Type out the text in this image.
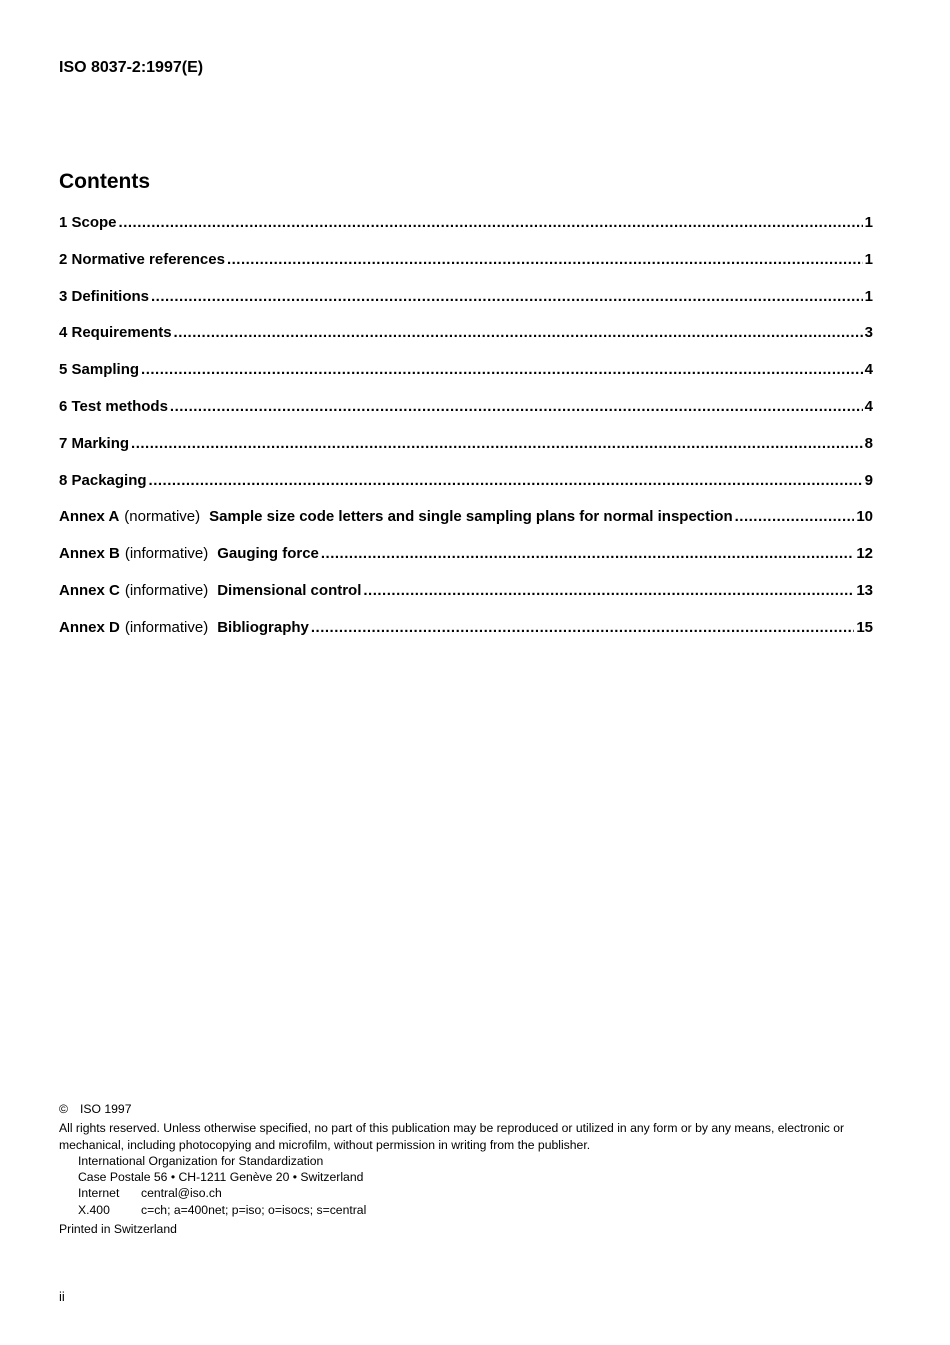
ISO 8037-2:1997(E)
Contents
1 Scope .....	1
2 Normative references .....	1
3 Definitions .....	1
4 Requirements .....	3
5 Sampling .....	4
6 Test methods .....	4
7 Marking .....	8
8 Packaging .....	9
Annex A (normative) Sample size code letters and single sampling plans for normal inspection .....	10
Annex B (informative) Gauging force .....	12
Annex C (informative) Dimensional control .....	13
Annex D (informative) Bibliography .....	15
© ISO 1997
All rights reserved. Unless otherwise specified, no part of this publication may be reproduced or utilized in any form or by any means, electronic or mechanical, including photocopying and microfilm, without permission in writing from the publisher.
International Organization for Standardization
Case Postale 56 • CH-1211 Genève 20 • Switzerland
Internet central@iso.ch
X.400	c=ch; a=400net; p=iso; o=isocs; s=central
Printed in Switzerland
ii
